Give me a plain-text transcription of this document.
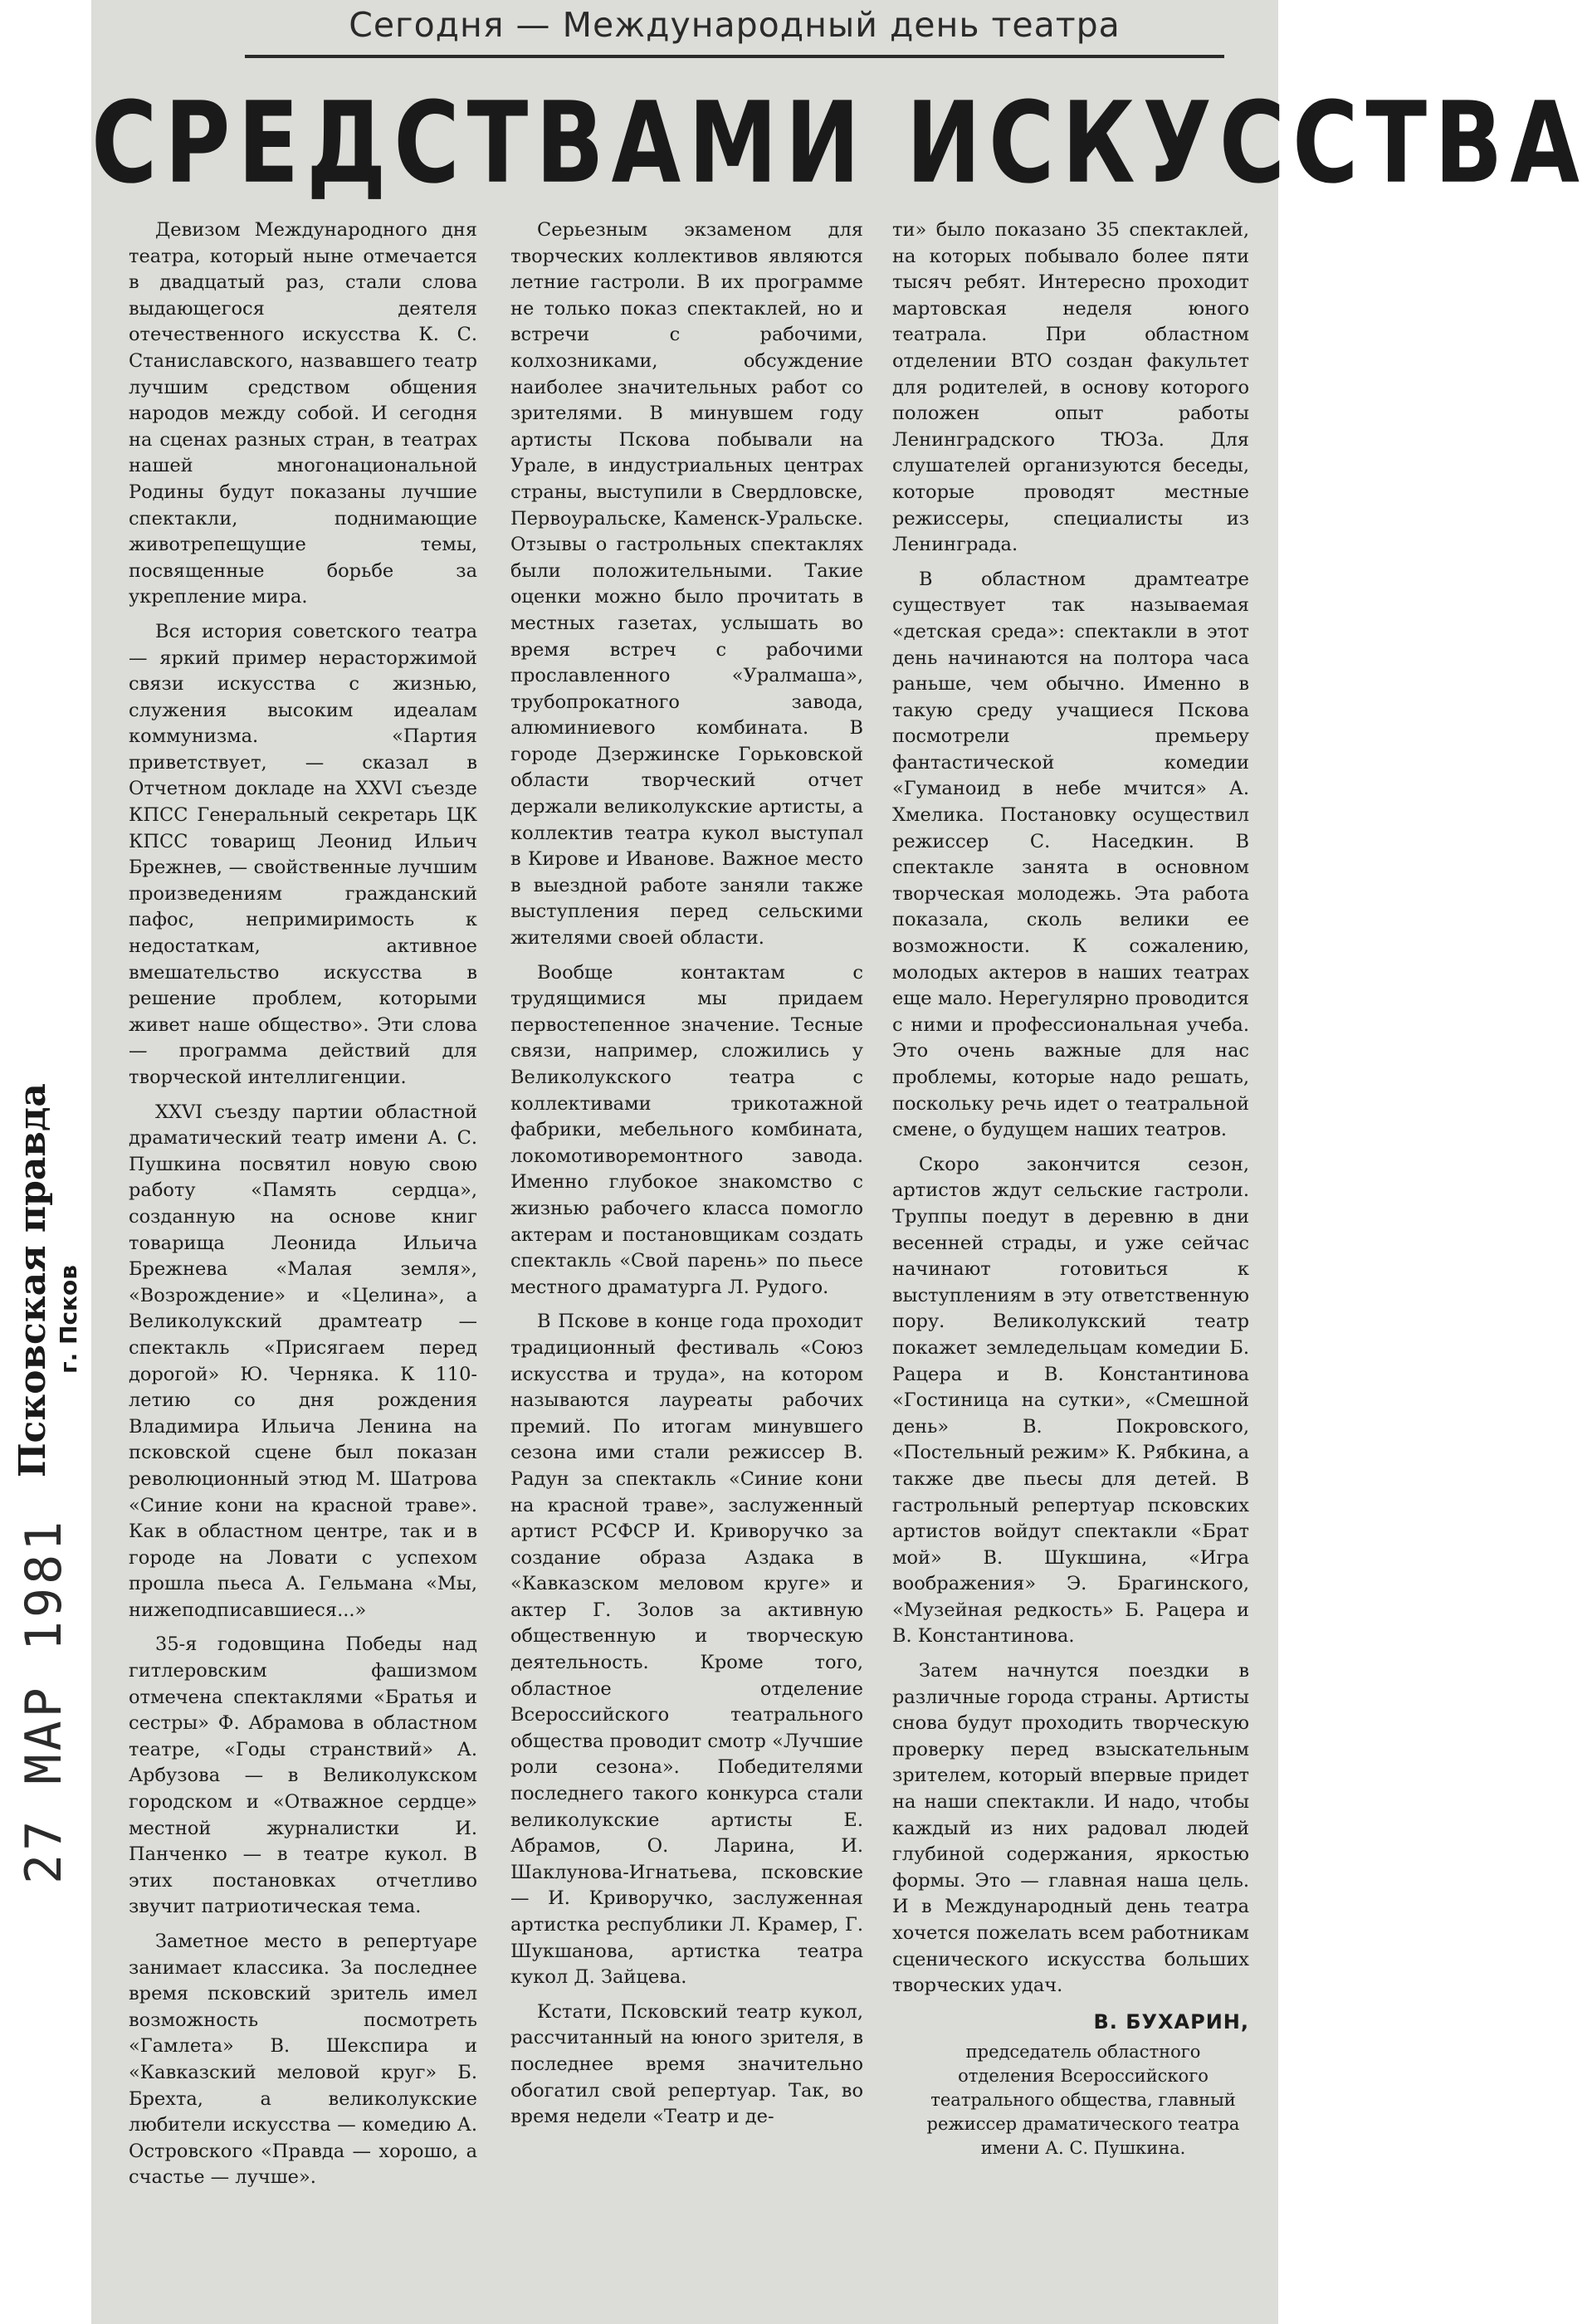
Сегодня — Международный день театра
СРЕДСТВАМИ ИСКУССТВА

Девизом Международного дня театра, который ныне отмечается в двадцатый раз, стали слова выдающегося деятеля отечественного искусства К. С. Станиславского, назвавшего театр лучшим средством общения народов между собой. И сегодня на сценах разных стран, в театрах нашей многонациональной Родины будут показаны лучшие спектакли, поднимающие животрепещущие темы, посвященные борьбе за укрепление мира.

Вся история советского театра — яркий пример нерасторжимой связи искусства с жизнью, служения высоким идеалам коммунизма. «Партия приветствует, — сказал в Отчетном докладе на XXVI съезде КПСС Генеральный секретарь ЦК КПСС товарищ Леонид Ильич Брежнев, — свойственные лучшим произведениям гражданский пафос, непримиримость к недостаткам, активное вмешательство искусства в решение проблем, которыми живет наше общество». Эти слова — программа действий для творческой интеллигенции.

XXVI съезду партии областной драматический театр имени А. С. Пушкина посвятил новую свою работу «Память сердца», созданную на основе книг товарища Леонида Ильича Брежнева «Малая земля», «Возрождение» и «Целина», а Великолукский драмтеатр — спектакль «Присягаем перед дорогой» Ю. Черняка. К 110-летию со дня рождения Владимира Ильича Ленина на псковской сцене был показан революционный этюд М. Шатрова «Синие кони на красной траве». Как в областном центре, так и в городе на Ловати с успехом прошла пьеса А. Гельмана «Мы, нижеподписавшиеся...»

35-я годовщина Победы над гитлеровским фашизмом отмечена спектаклями «Братья и сестры» Ф. Абрамова в областном театре, «Годы странствий» А. Арбузова — в Великолукском городском и «Отважное сердце» местной журналистки И. Панченко — в театре кукол. В этих постановках отчетливо звучит патриотическая тема.

Заметное место в репертуаре занимает классика. За последнее время псковский зритель имел возможность посмотреть «Гамлета» В. Шекспира и «Кавказский меловой круг» Б. Брехта, а великолукские любители искусства — комедию А. Островского «Правда — хорошо, а счастье — лучше».

Серьезным экзаменом для творческих коллективов являются летние гастроли. В их программе не только показ спектаклей, но и встречи с рабочими, колхозниками, обсуждение наиболее значительных работ со зрителями. В минувшем году артисты Пскова побывали на Урале, в индустриальных центрах страны, выступили в Свердловске, Первоуральске, Каменск-Уральске. Отзывы о гастрольных спектаклях были положительными. Такие оценки можно было прочитать в местных газетах, услышать во время встреч с рабочими прославленного «Уралмаша», трубопрокатного завода, алюминиевого комбината. В городе Дзержинске Горьковской области творческий отчет держали великолукские артисты, а коллектив театра кукол выступал в Кирове и Иванове. Важное место в выездной работе заняли также выступления перед сельскими жителями своей области.

Вообще контактам с трудящимися мы придаем первостепенное значение. Тесные связи, например, сложились у Великолукского театра с коллективами трикотажной фабрики, мебельного комбината, локомотиворемонтного завода. Именно глубокое знакомство с жизнью рабочего класса помогло актерам и постановщикам создать спектакль «Свой парень» по пьесе местного драматурга Л. Рудого.

В Пскове в конце года проходит традиционный фестиваль «Союз искусства и труда», на котором называются лауреаты рабочих премий. По итогам минувшего сезона ими стали режиссер В. Радун за спектакль «Синие кони на красной траве», заслуженный артист РСФСР И. Криворучко за создание образа Аздака в «Кавказском меловом круге» и актер Г. Золов за активную общественную и творческую деятельность. Кроме того, областное отделение Всероссийского театрального общества проводит смотр «Лучшие роли сезона». Победителями последнего такого конкурса стали великолукские артисты Е. Абрамов, О. Ларина, И. Шаклунова-Игнатьева, псковские — И. Криворучко, заслуженная артистка республики Л. Крамер, Г. Шукшанова, артистка театра кукол Д. Зайцева.

Кстати, Псковский театр кукол, рассчитанный на юного зрителя, в последнее время значительно обогатил свой репертуар. Так, во время недели «Театр и де-

ти» было показано 35 спектаклей, на которых побывало более пяти тысяч ребят. Интересно проходит мартовская неделя юного театрала. При областном отделении ВТО создан факультет для родителей, в основу которого положен опыт работы Ленинградского ТЮЗа. Для слушателей организуются беседы, которые проводят местные режиссеры, специалисты из Ленинграда.

В областном драмтеатре существует так называемая «детская среда»: спектакли в этот день начинаются на полтора часа раньше, чем обычно. Именно в такую среду учащиеся Пскова посмотрели премьеру фантастической комедии «Гуманоид в небе мчится» А. Хмелика. Постановку осуществил режиссер С. Наседкин. В спектакле занята в основном творческая молодежь. Эта работа показала, сколь велики ее возможности. К сожалению, молодых актеров в наших театрах еще мало. Нерегулярно проводится с ними и профессиональная учеба. Это очень важные для нас проблемы, которые надо решать, поскольку речь идет о театральной смене, о будущем наших театров.

Скоро закончится сезон, артистов ждут сельские гастроли. Труппы поедут в деревню в дни весенней страды, и уже сейчас начинают готовиться к выступлениям в эту ответственную пору. Великолукский театр покажет земледельцам комедии Б. Рацера и В. Константинова «Гостиница на сутки», «Смешной день» В. Покровского, «Постельный режим» К. Рябкина, а также две пьесы для детей. В гастрольный репертуар псковских артистов войдут спектакли «Брат мой» В. Шукшина, «Игра воображения» Э. Брагинского, «Музейная редкость» Б. Рацера и В. Константинова.

Затем начнутся поездки в различные города страны. Артисты снова будут проходить творческую проверку перед взыскательным зрителем, который впервые придет на наши спектакли. И надо, чтобы каждый из них радовал людей глубиной содержания, яркостью формы. Это — главная наша цель. И в Международный день театра хочется пожелать всем работникам сценического искусства больших творческих удач.

В. БУХАРИН,
председатель областного отделения Всероссийского театрального общества, главный режиссер драматического театра имени А. С. Пушкина.
Псковская правда г. Псков
27 МАР 1981
